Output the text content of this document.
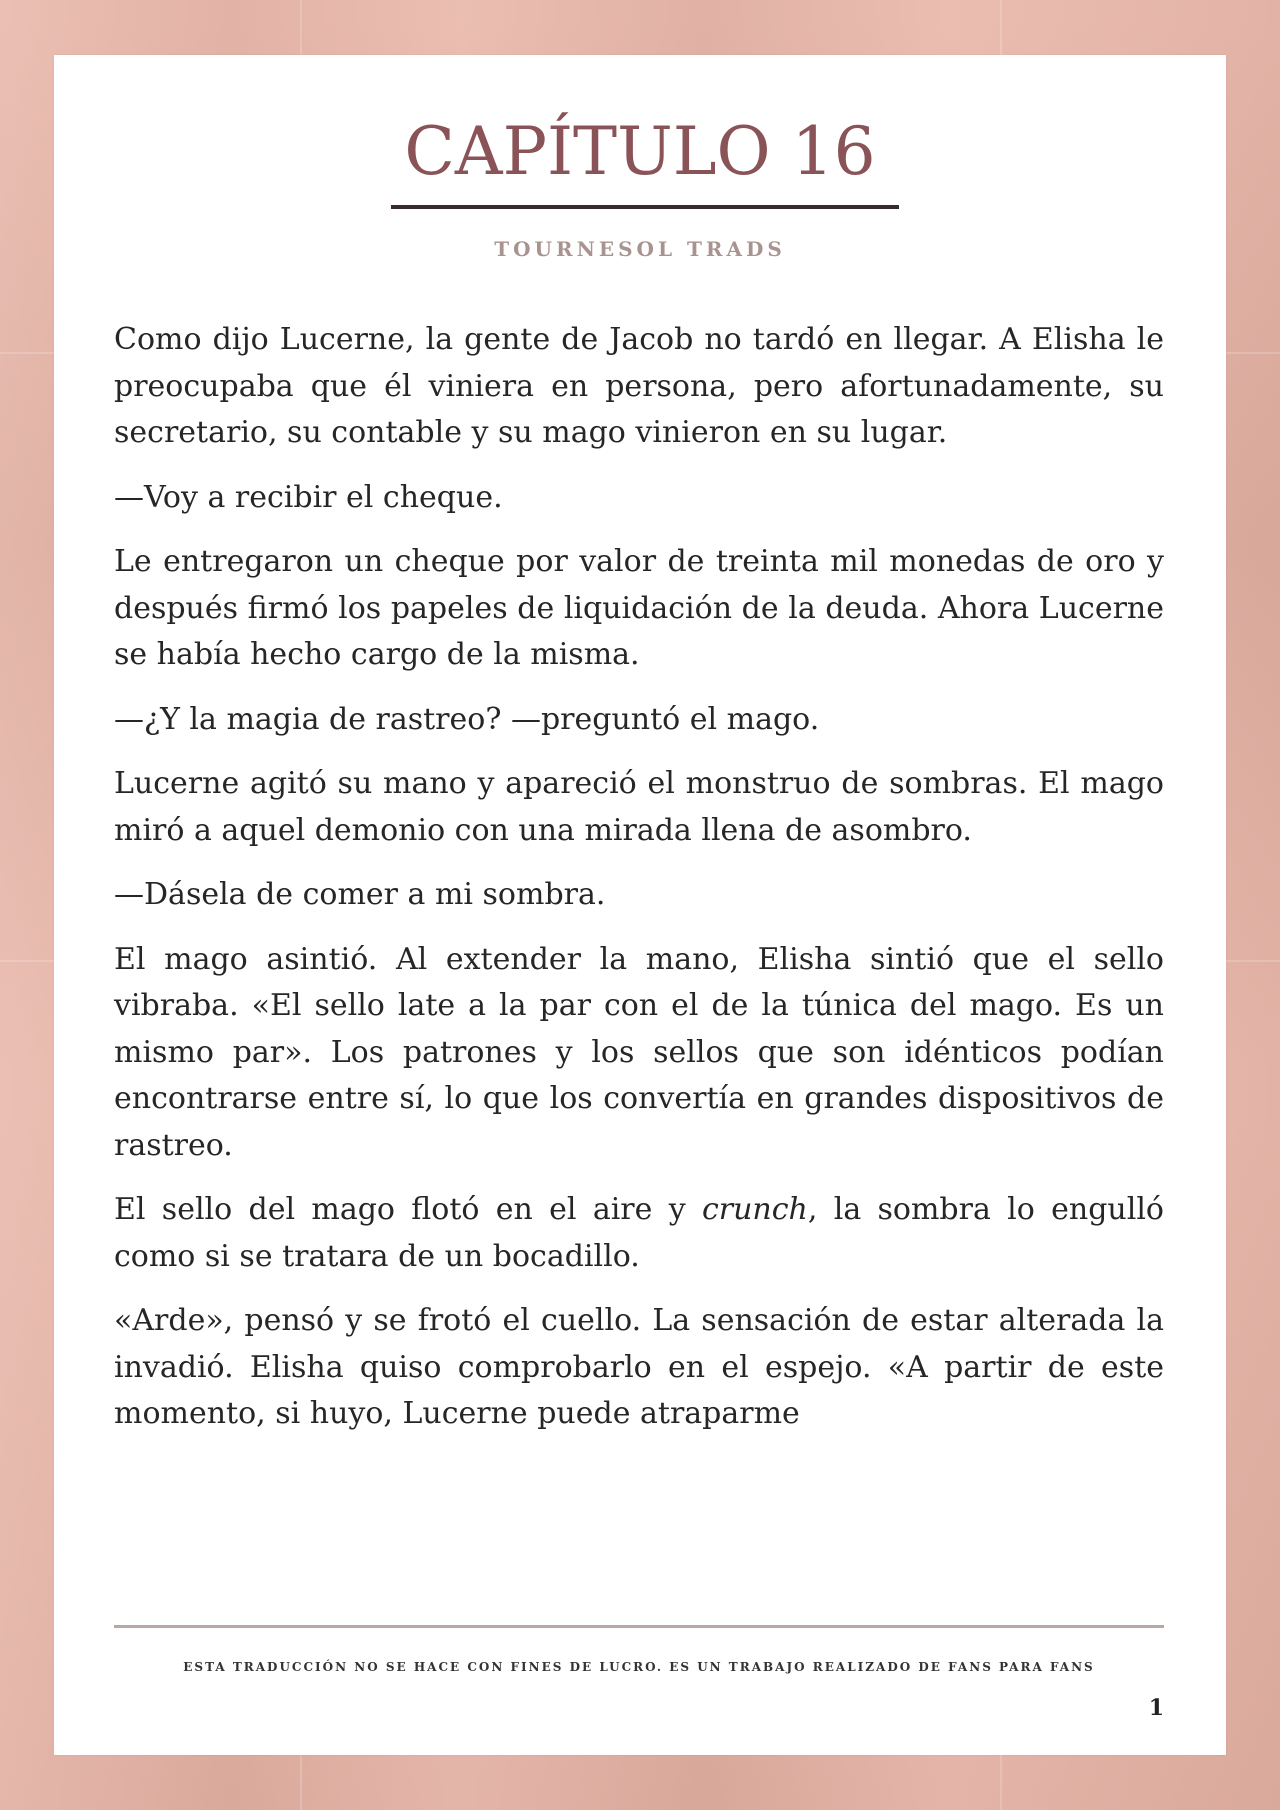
CAPÍTULO 16
TOURNESOL TRADS

Como dijo Lucerne, la gente de Jacob no tardó en llegar. A Elisha le preocupaba que él viniera en persona, pero afortunadamente, su secretario, su contable y su mago vinieron en su lugar.

—Voy a recibir el cheque.

Le entregaron un cheque por valor de treinta mil monedas de oro y después firmó los papeles de liquidación de la deuda. Ahora Lucerne se había hecho cargo de la misma.

—¿Y la magia de rastreo? —preguntó el mago.

Lucerne agitó su mano y apareció el monstruo de sombras. El mago miró a aquel demonio con una mirada llena de asombro.

—Dásela de comer a mi sombra.

El mago asintió. Al extender la mano, Elisha sintió que el sello vibraba. «El sello late a la par con el de la túnica del mago. Es un mismo par». Los patrones y los sellos que son idénticos podían encontrarse entre sí, lo que los convertía en grandes dispositivos de rastreo.

El sello del mago flotó en el aire y crunch, la sombra lo engulló como si se tratara de un bocadillo.

«Arde», pensó y se frotó el cuello. La sensación de estar alterada la invadió. Elisha quiso comprobarlo en el espejo. «A partir de este momento, si huyo, Lucerne puede atraparme

ESTA TRADUCCIÓN NO SE HACE CON FINES DE LUCRO. ES UN TRABAJO REALIZADO DE FANS PARA FANS
1
